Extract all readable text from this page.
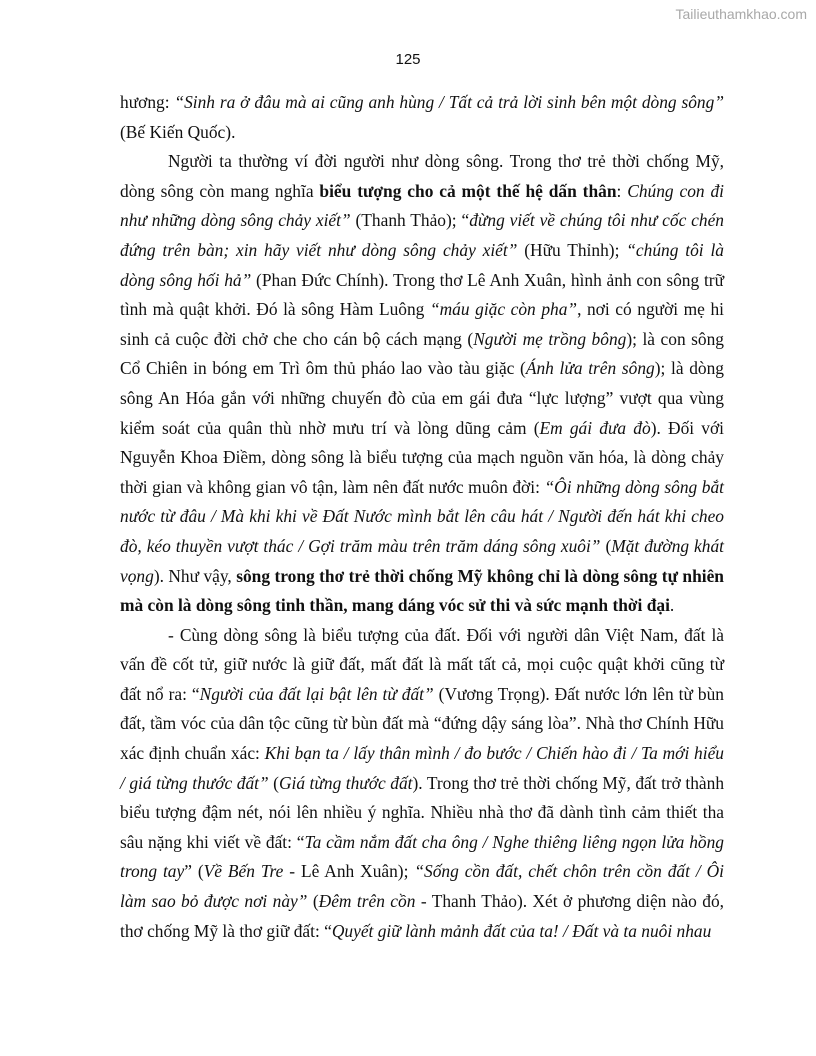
Tailieuthamkhao.com
125

hương: “Sinh ra ở đâu mà ai cũng anh hùng / Tất cả trả lời sinh bên một dòng sông” (Bế Kiến Quốc).

Người ta thường ví đời người như dòng sông. Trong thơ trẻ thời chống Mỹ, dòng sông còn mang nghĩa biểu tượng cho cả một thế hệ dấn thân: Chúng con đi như những dòng sông chảy xiết” (Thanh Thảo); “đừng viết về chúng tôi như cốc chén đứng trên bàn; xin hãy viết như dòng sông chảy xiết” (Hữu Thỉnh); “chúng tôi là dòng sông hối hả” (Phan Đức Chính). Trong thơ Lê Anh Xuân, hình ảnh con sông trữ tình mà quật khởi. Đó là sông Hàm Luông “máu giặc còn pha”, nơi có người mẹ hi sinh cả cuộc đời chở che cho cán bộ cách mạng (Người mẹ trồng bông); là con sông Cổ Chiên in bóng em Trì ôm thủ pháo lao vào tàu giặc (Ánh lửa trên sông); là dòng sông An Hóa gắn với những chuyến đò của em gái đưa “lực lượng” vượt qua vùng kiểm soát của quân thù nhờ mưu trí và lòng dũng cảm (Em gái đưa đò). Đối với Nguyễn Khoa Điềm, dòng sông là biểu tượng của mạch nguồn văn hóa, là dòng chảy thời gian và không gian vô tận, làm nên đất nước muôn đời: “Ôi những dòng sông bắt nước từ đâu / Mà khi khi về Đất Nước mình bắt lên câu hát / Người đến hát khi cheo đò, kéo thuyền vượt thác / Gợi trăm màu trên trăm dáng sông xuôi” (Mặt đường khát vọng). Như vậy, sông trong thơ trẻ thời chống Mỹ không chỉ là dòng sông tự nhiên mà còn là dòng sông tinh thần, mang dáng vóc sử thi và sức mạnh thời đại.

- Cùng dòng sông là biểu tượng của đất. Đối với người dân Việt Nam, đất là vấn đề cốt tử, giữ nước là giữ đất, mất đất là mất tất cả, mọi cuộc quật khởi cũng từ đất nổ ra: “Người của đất lại bật lên từ đất” (Vương Trọng). Đất nước lớn lên từ bùn đất, tầm vóc của dân tộc cũng từ bùn đất mà “đứng dậy sáng lòa”. Nhà thơ Chính Hữu xác định chuẩn xác: Khi bạn ta / lấy thân mình / đo bước / Chiến hào đi / Ta mới hiểu / giá từng thước đất” (Giá từng thước đất). Trong thơ trẻ thời chống Mỹ, đất trở thành biểu tượng đậm nét, nói lên nhiều ý nghĩa. Nhiều nhà thơ đã dành tình cảm thiết tha sâu nặng khi viết về đất: “Ta cầm nắm đất cha ông / Nghe thiêng liêng ngọn lửa hồng trong tay” (Về Bến Tre - Lê Anh Xuân); “Sống cồn đất, chết chôn trên cồn đất / Ôi làm sao bỏ được nơi này” (Đêm trên cồn - Thanh Thảo). Xét ở phương diện nào đó, thơ chống Mỹ là thơ giữ đất: “Quyết giữ lành mảnh đất của ta! / Đất và ta nuôi nhau
